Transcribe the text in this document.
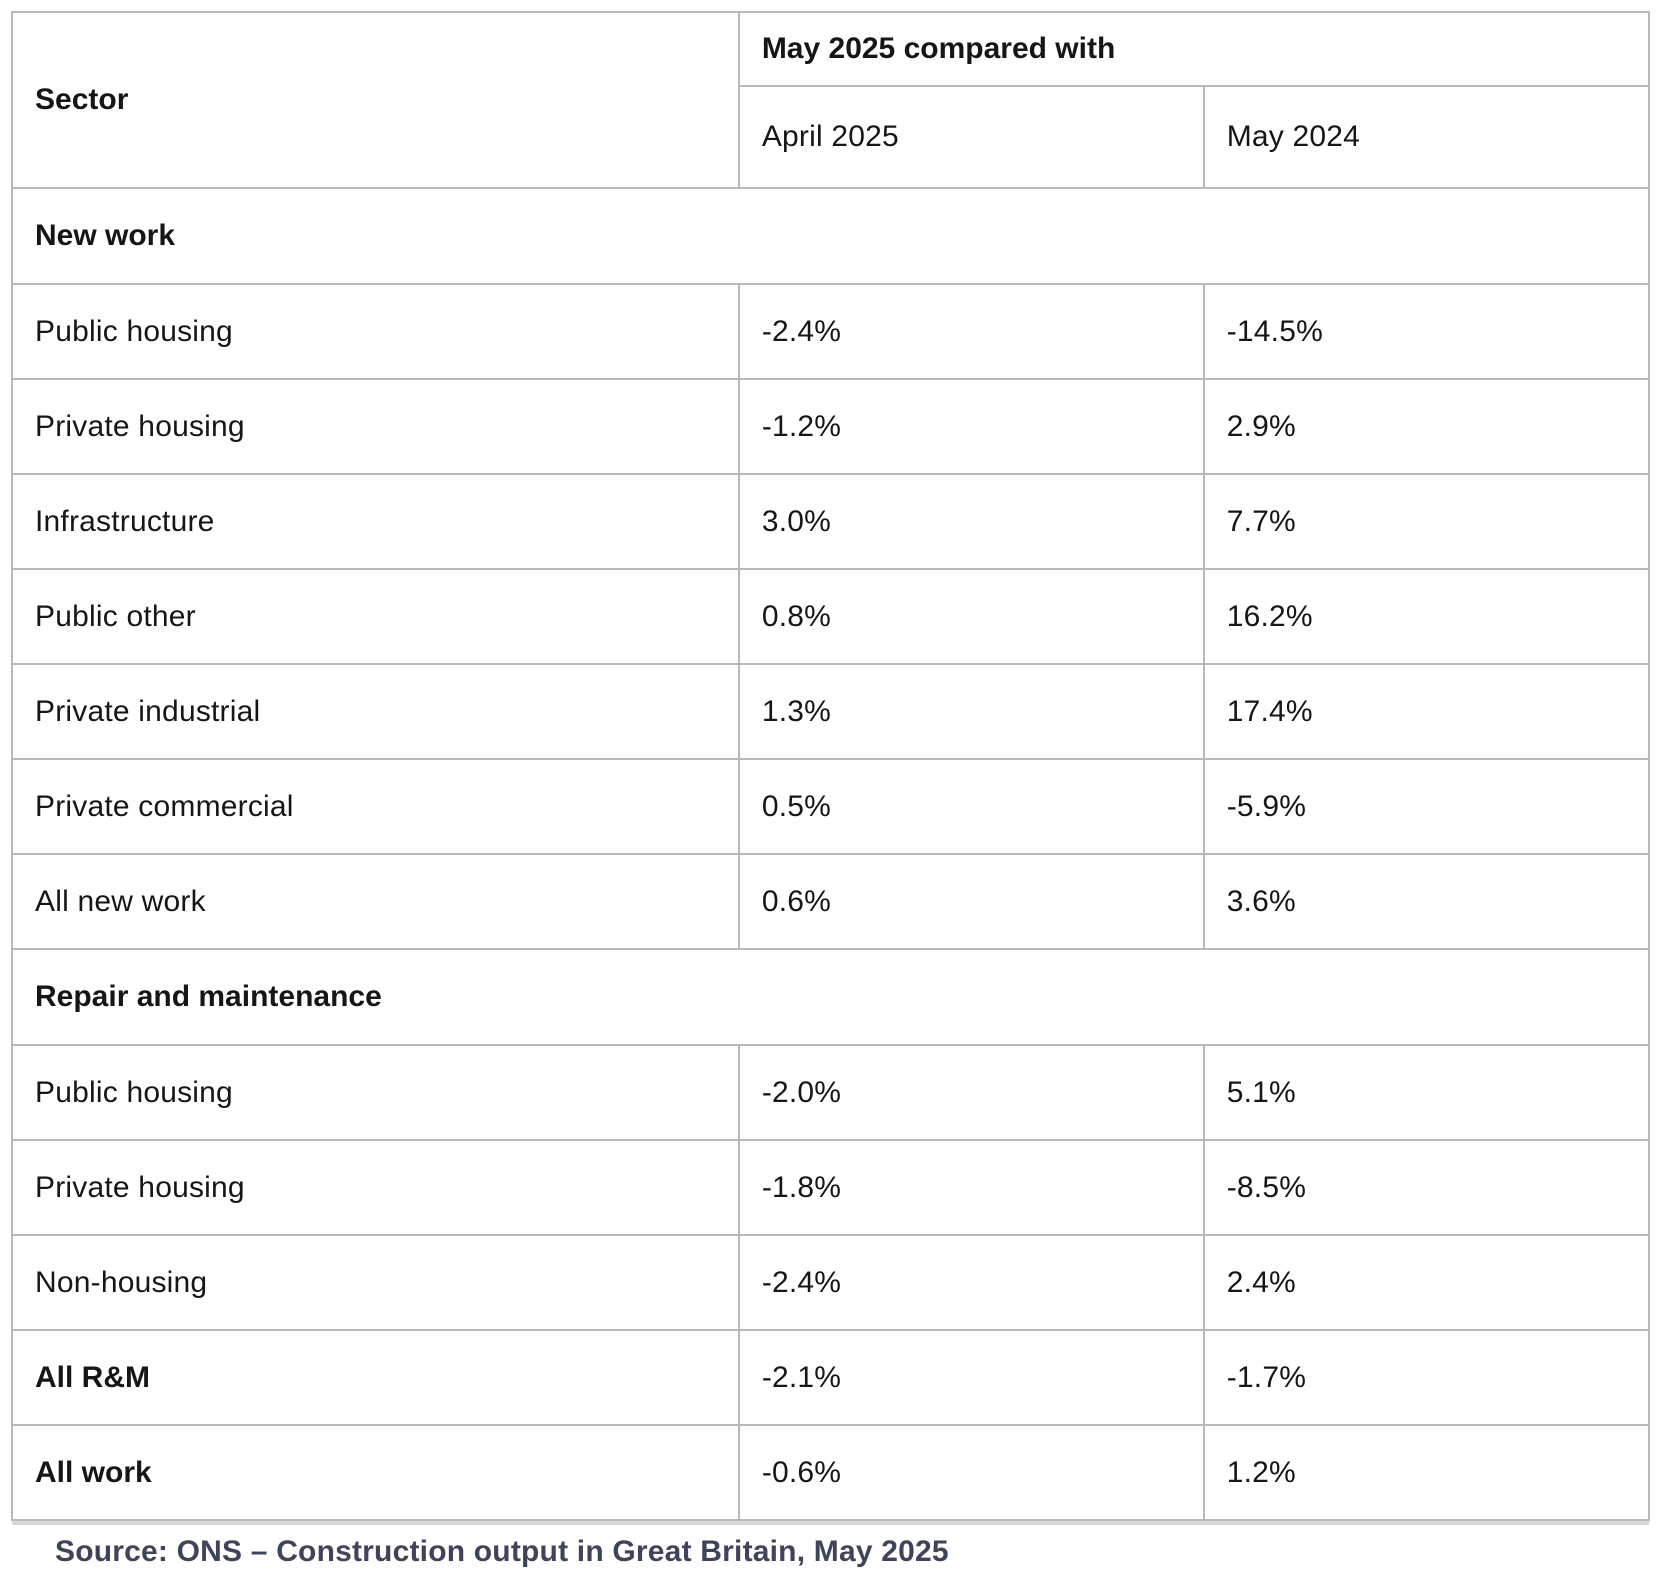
Sector	May 2025 compared with	
	April 2025	May 2024
New work		
Public housing	-2.4%	-14.5%
Private housing	-1.2%	2.9%
Infrastructure	3.0%	7.7%
Public other	0.8%	16.2%
Private industrial	1.3%	17.4%
Private commercial	0.5%	-5.9%
All new work	0.6%	3.6%
Repair and maintenance		
Public housing	-2.0%	5.1%
Private housing	-1.8%	-8.5%
Non-housing	-2.4%	2.4%
All R&M	-2.1%	-1.7%
All work	-0.6%	1.2%
Source: ONS – Construction output in Great Britain, May 2025
